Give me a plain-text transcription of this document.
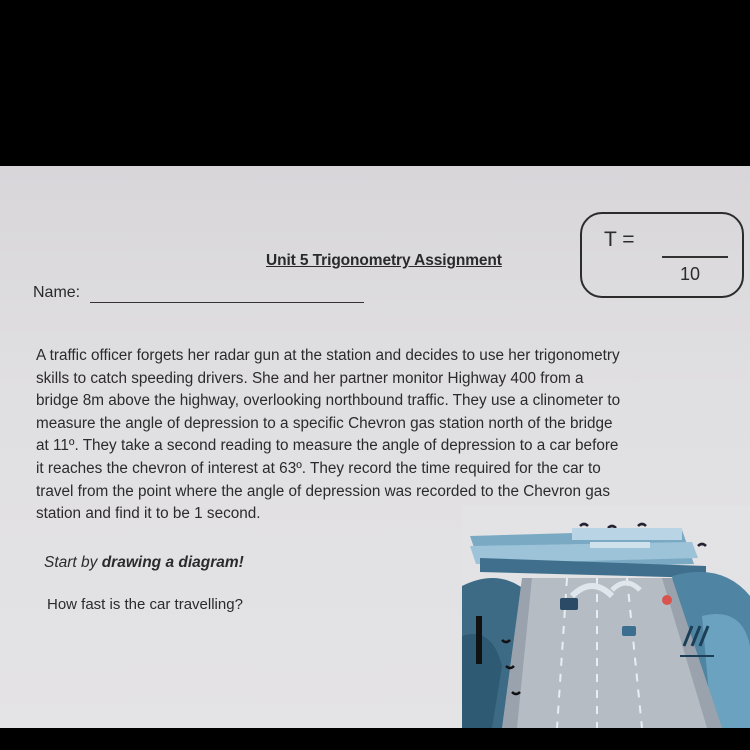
Unit 5 Trigonometry Assignment
Name:
T =
10
A traffic officer forgets her radar gun at the station and decides to use her trigonometry
skills to catch speeding drivers. She and her partner monitor Highway 400 from a
bridge 8m above the highway, overlooking northbound traffic. They use a clinometer to
measure the angle of depression to a specific Chevron gas station north of the bridge
at 11º. They take a second reading to measure the angle of depression to a car before
it reaches the chevron of interest at 63º. They record the time required for the car to
travel from the point where the angle of depression was recorded to the Chevron gas
station and find it to be 1 second.
Start by drawing a diagram!
How fast is the car travelling?
